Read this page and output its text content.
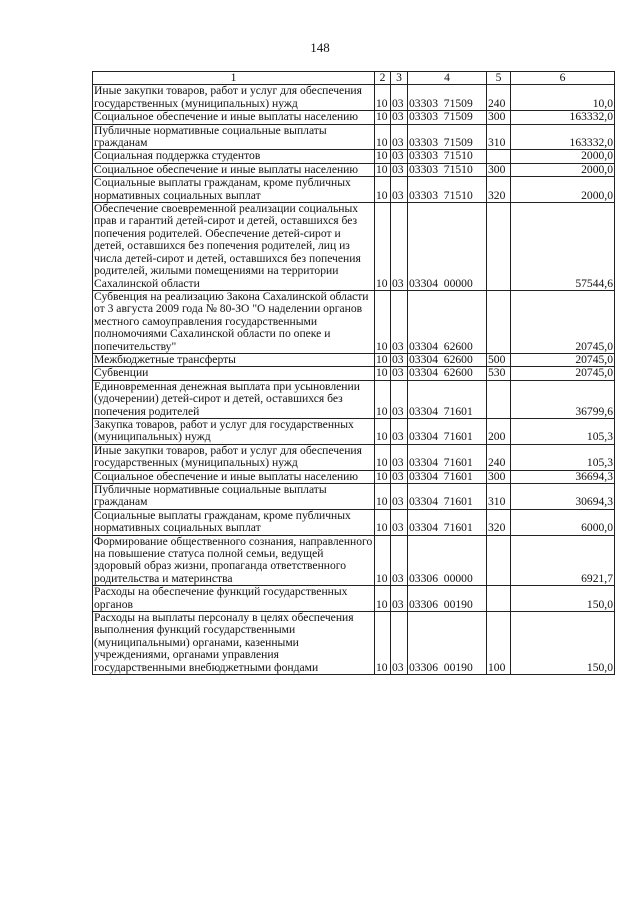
148
1	2	3	4	5	6
Иные закупки товаров, работ и услуг для обеспечения государственных (муниципальных) нужд	10	03	03303  71509	240	10,0
Социальное обеспечение и иные выплаты населению	10	03	03303  71509	300	163332,0
Публичные нормативные социальные выплаты гражданам	10	03	03303  71509	310	163332,0
Социальная поддержка студентов	10	03	03303  71510		2000,0
Социальное обеспечение и иные выплаты населению	10	03	03303  71510	300	2000,0
Социальные выплаты гражданам, кроме публичных нормативных социальных выплат	10	03	03303  71510	320	2000,0
Обеспечение своевременной реализации социальных прав и гарантий детей-сирот и детей, оставшихся без попечения родителей. Обеспечение детей-сирот и детей, оставшихся без попечения родителей, лиц из числа детей-сирот и детей, оставшихся без попечения родителей, жилыми помещениями на территории Сахалинской области	10	03	03304  00000		57544,6
Субвенция на реализацию Закона Сахалинской области от 3 августа 2009 года № 80-ЗО "О наделении органов местного самоуправления государственными полномочиями Сахалинской области по опеке и попечительству"	10	03	03304  62600		20745,0
Межбюджетные трансферты	10	03	03304  62600	500	20745,0
Субвенции	10	03	03304  62600	530	20745,0
Единовременная денежная выплата при усыновлении (удочерении) детей-сирот и детей, оставшихся без попечения родителей	10	03	03304  71601		36799,6
Закупка товаров, работ и услуг для государственных (муниципальных) нужд	10	03	03304  71601	200	105,3
Иные закупки товаров, работ и услуг для обеспечения государственных (муниципальных) нужд	10	03	03304  71601	240	105,3
Социальное обеспечение и иные выплаты населению	10	03	03304  71601	300	36694,3
Публичные нормативные социальные выплаты гражданам	10	03	03304  71601	310	30694,3
Социальные выплаты гражданам, кроме публичных нормативных социальных выплат	10	03	03304  71601	320	6000,0
Формирование общественного сознания, направленного на повышение статуса полной семьи, ведущей здоровый образ жизни, пропаганда ответственного родительства и материнства	10	03	03306  00000		6921,7
Расходы на обеспечение функций государственных органов	10	03	03306  00190		150,0
Расходы на выплаты персоналу в целях обеспечения выполнения функций государственными (муниципальными) органами, казенными учреждениями, органами управления государственными внебюджетными фондами	10	03	03306  00190	100	150,0
